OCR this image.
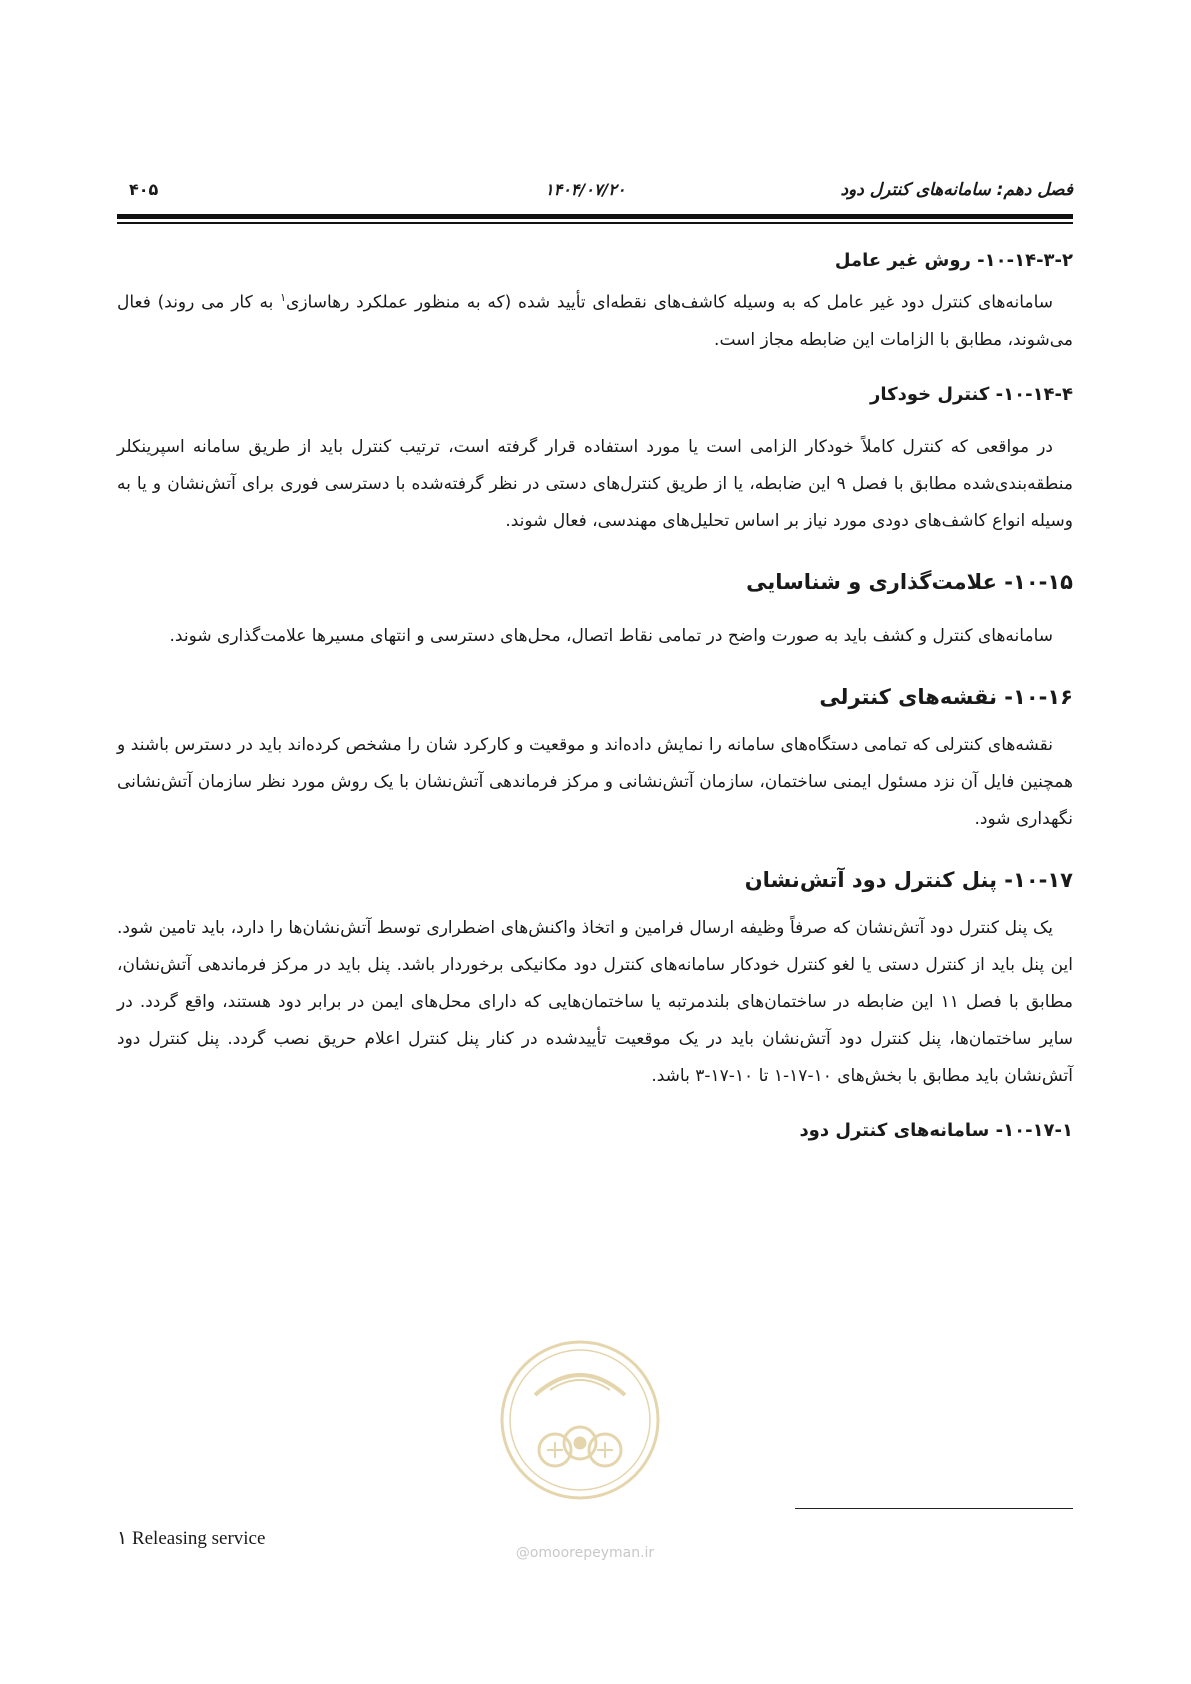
فصل دهم: سامانه‌های کنترل دود
۱۴۰۴/۰۷/۲۰
۴۰۵
۱۰-۱۴-۳-۲- روش غیر عامل

سامانه‌های کنترل دود غیر عامل که به وسیله کاشف‌های نقطه‌ای تأیید شده (که به منظور عملکرد رهاسازی$^۱$ به کار می روند) فعال می‌شوند، مطابق با الزامات این ضابطه مجاز است.

۱۰-۱۴-۴- کنترل خودکار

در مواقعی که کنترل کاملاً خودکار الزامی است یا مورد استفاده قرار گرفته است، ترتیب کنترل باید از طریق سامانه اسپرینکلر منطقه‌بندی‌شده مطابق با فصل ۹ این ضابطه، یا از طریق کنترل‌های دستی در نظر گرفته‌شده با دسترسی فوری برای آتش‌نشان و یا به وسیله انواع کاشف‌های دودی مورد نیاز بر اساس تحلیل‌های مهندسی، فعال شوند.

۱۰-۱۵- علامت‌گذاری و شناسایی

سامانه‌های کنترل و کشف باید به صورت واضح در تمامی نقاط اتصال، محل‌های دسترسی و انتهای مسیرها علامت‌گذاری شوند.

۱۰-۱۶- نقشه‌های کنترلی

نقشه‌های کنترلی که تمامی دستگاه‌های سامانه را نمایش داده‌اند و موقعیت و کارکرد شان را مشخص کرده‌اند باید در دسترس باشند و همچنین فایل آن نزد مسئول ایمنی ساختمان، سازمان آتش‌نشانی و مرکز فرماندهی آتش‌نشان با یک روش مورد نظر سازمان آتش‌نشانی نگهداری شود.

۱۰-۱۷- پنل کنترل دود آتش‌نشان

یک پنل کنترل دود آتش‌نشان که صرفاً وظیفه ارسال فرامین و اتخاذ واکنش‌های اضطراری توسط آتش‌نشان‌ها را دارد، باید تامین شود. این پنل باید از کنترل دستی یا لغو کنترل خودکار سامانه‌های کنترل دود مکانیکی برخوردار باشد. پنل باید در مرکز فرماندهی آتش‌نشان، مطابق با فصل ۱۱ این ضابطه در ساختمان‌های بلندمرتبه یا ساختمان‌هایی که دارای محل‌های ایمن در برابر دود هستند، واقع گردد. در سایر ساختمان‌ها، پنل کنترل دود آتش‌نشان باید در یک موقعیت تأییدشده در کنار پنل کنترل اعلام حریق نصب گردد. پنل کنترل دود آتش‌نشان باید مطابق با بخش‌های ۱۰-۱۷-۱ تا ۱۰-۱۷-۳ باشد.

۱۰-۱۷-۱- سامانه‌های کنترل دود
@omoorepeyman.ir
۱ Releasing service
